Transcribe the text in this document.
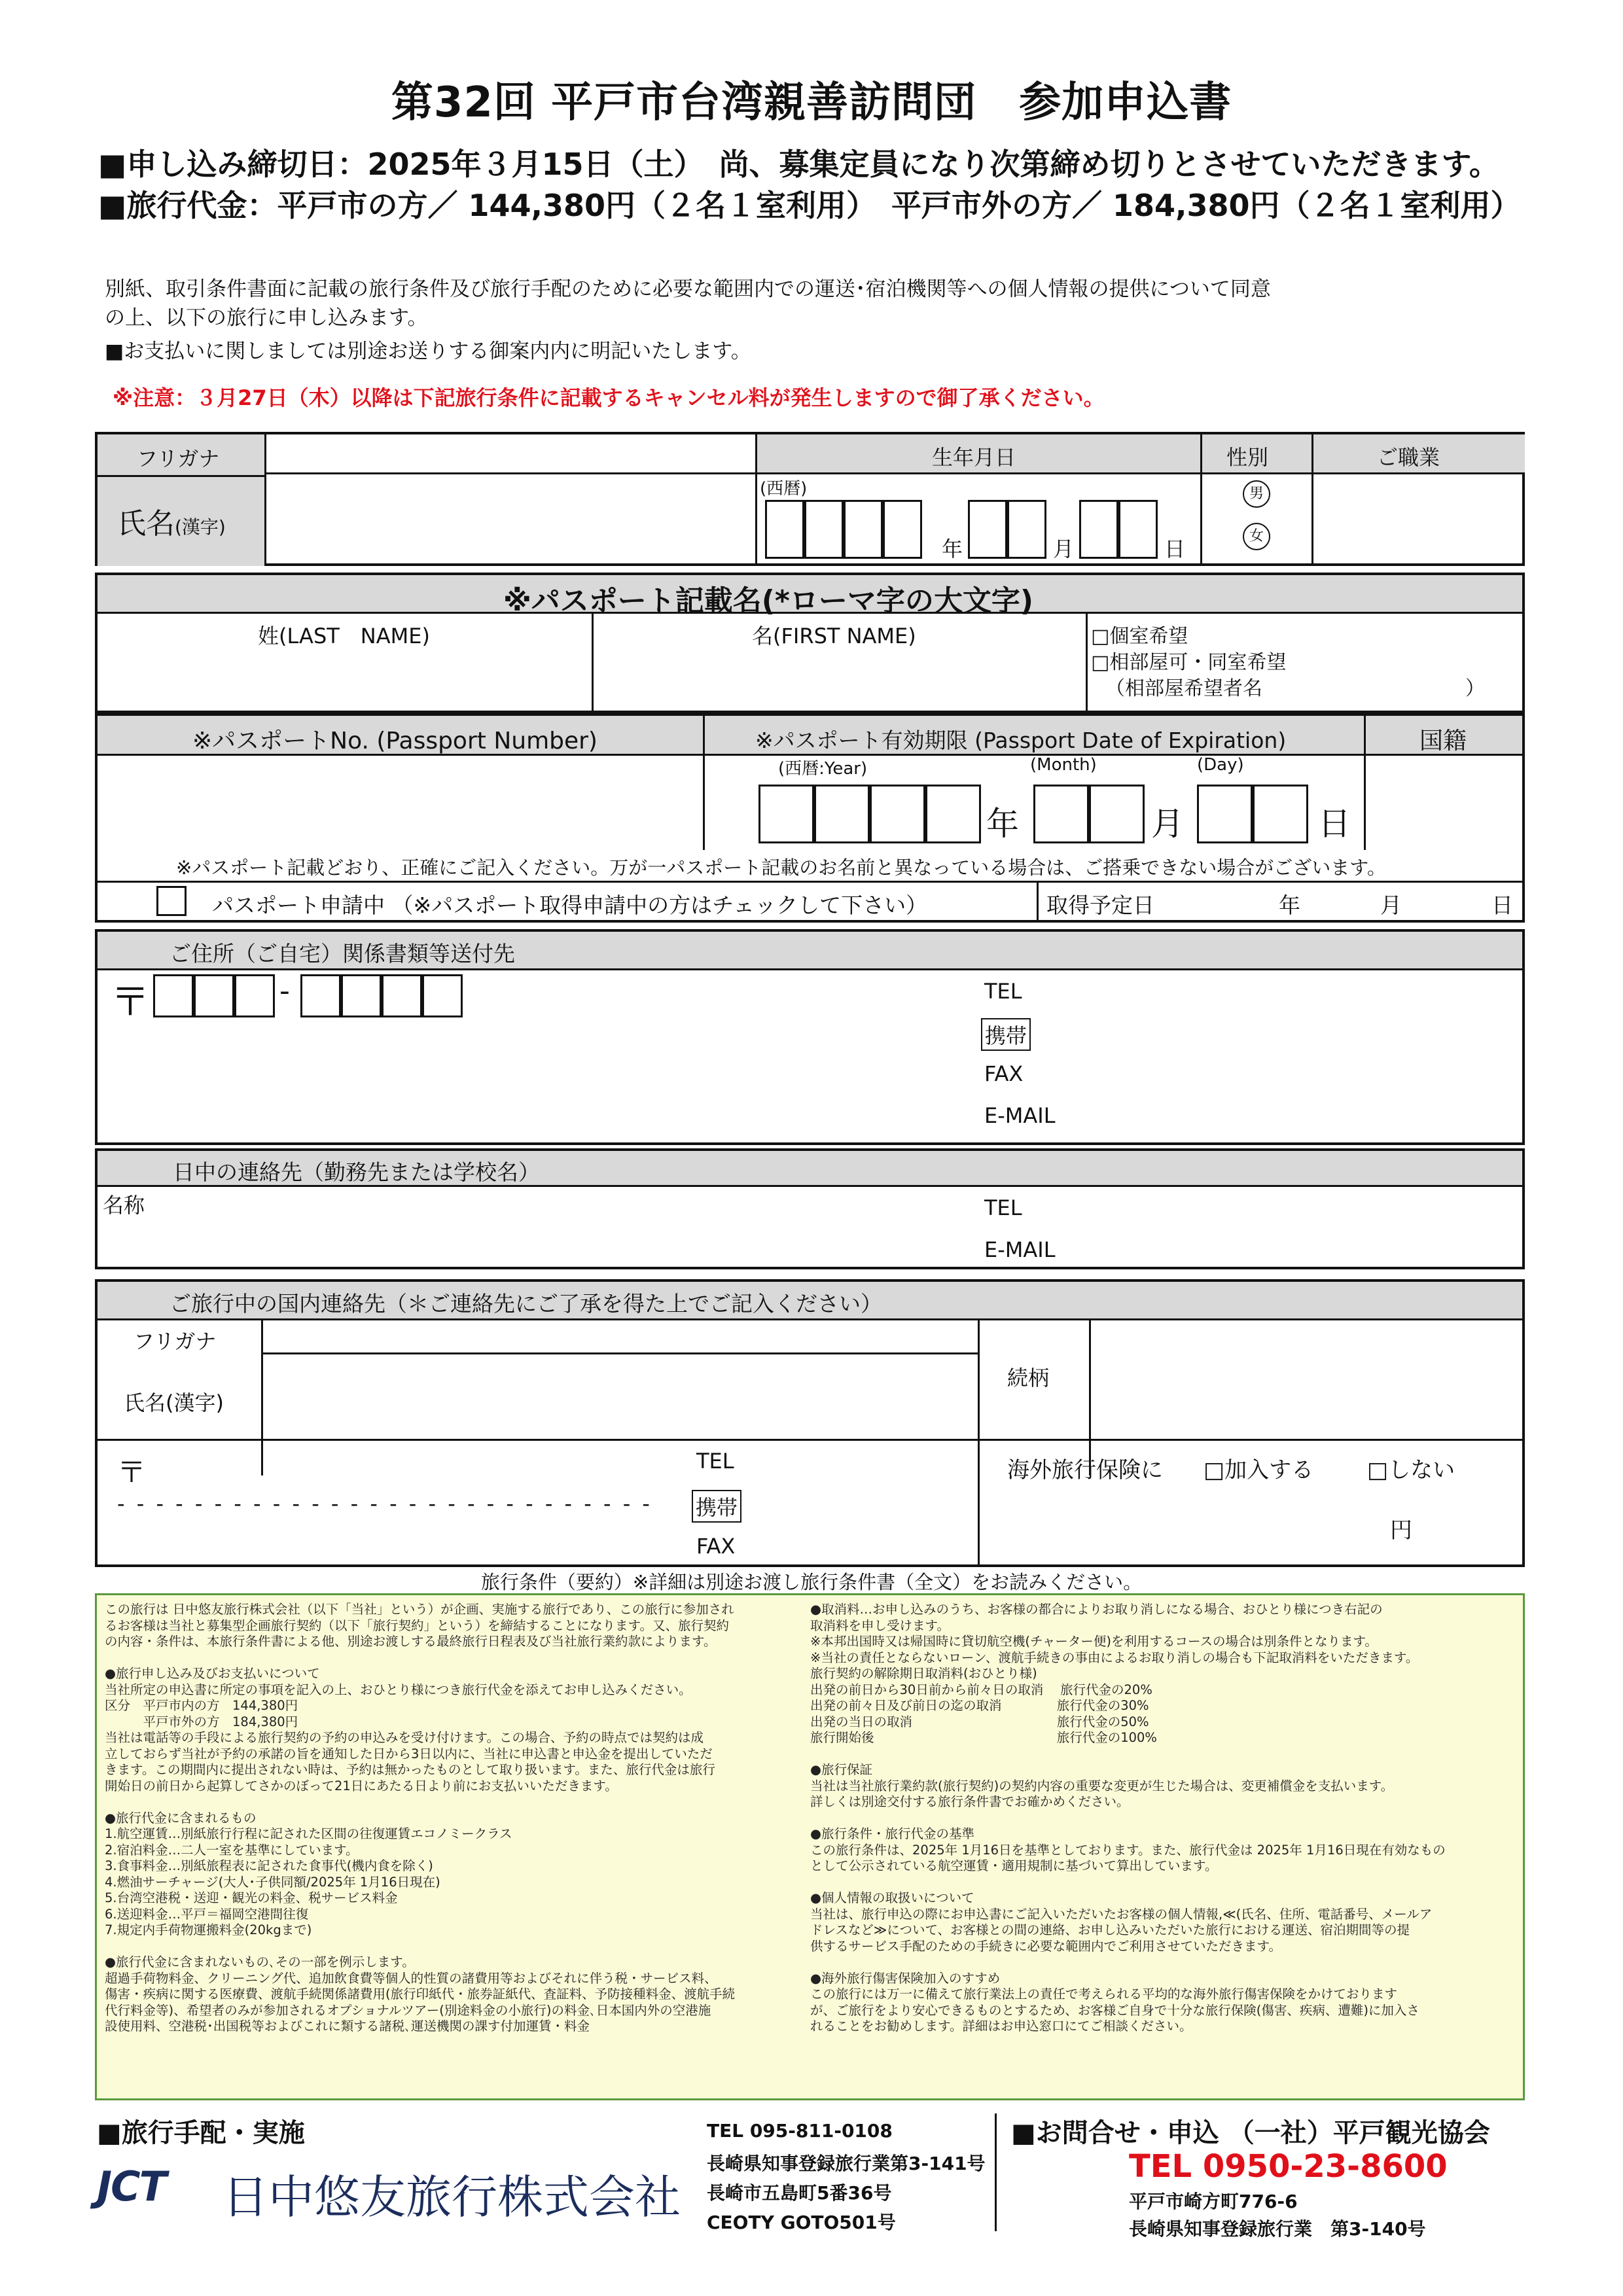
第32回 平戸市台湾親善訪問団　参加申込書
■申し込み締切日：2025年３月15日（土）　尚、募集定員になり次第締め切りとさせていただきます。
■旅行代金：平戸市の方／ 144,380円（２名１室利用）　平戸市外の方／ 184,380円（２名１室利用）
別紙、取引条件書面に記載の旅行条件及び旅行手配のために必要な範囲内での運送･宿泊機関等への個人情報の提供について同意
の上、以下の旅行に申し込みます。
■お支払いに関しましては別途お送りする御案内内に明記いたします。
※注意：３月27日（木）以降は下記旅行条件に記載するキャンセル料が発生しますので御了承ください。
フリガナ
氏名(漢字)
生年月日
(西暦)
年	月	日
性別
男
女
ご職業
※パスポート記載名(*ローマ字の大文字)
姓(LAST　NAME)	名(FIRST NAME)	□個室希望
□相部屋可・同室希望
（相部屋希望者名	）
※パスポートNo. (Passport Number)	※パスポート有効期限 (Passport Date of Expiration)	国籍
(西暦:Year)	(Month)	(Day)
年	月	日
※パスポート記載どおり、正確にご記入ください。万が一パスポート記載のお名前と異なっている場合は、ご搭乗できない場合がございます。
パスポート申請中 （※パスポート取得申請中の方はチェックして下さい）	取得予定日	年	月	日
ご住所（ご自宅）関係書類等送付先
〒	-	TEL
携帯
FAX
E-MAIL
日中の連絡先（勤務先または学校名）
名称	TEL
E-MAIL
ご旅行中の国内連絡先（＊ご連絡先にご了承を得た上でご記入ください）
フリガナ
氏名(漢字)
続柄
〒
- - - - - - - - - - - - - - - - - - - - - - - - - - - -
TEL
携帯
FAX
海外旅行保険に □加入する □しない
円
旅行条件（要約）※詳細は別途お渡し旅行条件書（全文）をお読みください。
この旅行は 日中悠友旅行株式会社（以下「当社」という）が企画、実施する旅行であり、この旅行に参加され
るお客様は当社と募集型企画旅行契約（以下「旅行契約」という）を締結することになります。又、旅行契約
の内容・条件は、本旅行条件書による他、別途お渡しする最終旅行日程表及び当社旅行業約款によります。

●旅行申し込み及びお支払いについて
当社所定の申込書に所定の事項を記入の上、おひとり様につき旅行代金を添えてお申し込みください。
区分　平戸市内の方　144,380円
　　　平戸市外の方　184,380円
当社は電話等の手段による旅行契約の予約の申込みを受け付けます。この場合、予約の時点では契約は成
立しておらず当社が予約の承諾の旨を通知した日から3日以内に、当社に申込書と申込金を提出していただ
きます。この期間内に提出されない時は、予約は無かったものとして取り扱います。また、旅行代金は旅行
開始日の前日から起算してさかのぼって21日にあたる日より前にお支払いいただきます。

●旅行代金に含まれるもの
1.航空運賃…別紙旅行行程に記された区間の往復運賃エコノミークラス
2.宿泊料金…二人一室を基準にしています。
3.食事料金…別紙旅程表に記された食事代(機内食を除く)
4.燃油サーチャージ(大人･子供同額/2025年 1月16日現在)
5.台湾空港税・送迎・観光の料金、税サービス料金
6.送迎料金…平戸＝福岡空港間往復
7.規定内手荷物運搬料金(20kgまで)

●旅行代金に含まれないもの､その一部を例示します。
超過手荷物料金、クリーニング代、追加飲食費等個人的性質の諸費用等およびそれに伴う税・サービス料、
傷害・疾病に関する医療費、渡航手続関係諸費用(旅行印紙代・旅券証紙代、査証料、予防接種料金、渡航手続
代行料金等)、希望者のみが参加されるオプショナルツアー(別途料金の小旅行)の料金､日本国内外の空港施
設使用料、空港税･出国税等およびこれに類する諸税､運送機関の課す付加運賃・料金
●取消料…お申し込みのうち、お客様の都合によりお取り消しになる場合、おひとり様につき右記の
取消料を申し受けます。
※本邦出国時又は帰国時に貸切航空機(チャーター便)を利用するコースの場合は別条件となります。
※当社の責任とならないローン、渡航手続きの事由によるお取り消しの場合も下記取消料をいただきます。
旅行契約の解除期日取消料(おひとり様)
出発の前日から30日前から前々日の取消　 旅行代金の20%
出発の前々日及び前日の迄の取消　　　　 旅行代金の30%
出発の当日の取消　　　　　　　　　　　 旅行代金の50%
旅行開始後　　　　　　　　　　　　　　 旅行代金の100%

●旅行保証
当社は当社旅行業約款(旅行契約)の契約内容の重要な変更が生じた場合は、変更補償金を支払います。
詳しくは別途交付する旅行条件書でお確かめください。

●旅行条件・旅行代金の基準
この旅行条件は、2025年 1月16日を基準としております。また、旅行代金は 2025年 1月16日現在有効なもの
として公示されている航空運賃・適用規制に基づいて算出しています。

●個人情報の取扱いについて
当社は、旅行申込の際にお申込書にご記入いただいたお客様の個人情報,≪(氏名、住所、電話番号、メールア
ドレスなど≫について、お客様との間の連絡、お申し込みいただいた旅行における運送、宿泊期間等の提
供するサービス手配のための手続きに必要な範囲内でご利用させていただきます。

●海外旅行傷害保険加入のすすめ
この旅行には万一に備えて旅行業法上の責任で考えられる平均的な海外旅行傷害保険をかけております
が、ご旅行をより安心できるものとするため、お客様ご自身で十分な旅行保険(傷害、疾病、遭難)に加入さ
れることをお勧めします。詳細はお申込窓口にてご相談ください。
■旅行手配・実施
JCT 日中悠友旅行株式会社
TEL 095-811-0108
長崎県知事登録旅行業第3-141号
長崎市五島町5番36号
CEOTY GOTO501号
■お問合せ・申込 （一社）平戸観光協会
TEL 0950-23-8600
平戸市崎方町776-6
長崎県知事登録旅行業　第3-140号
